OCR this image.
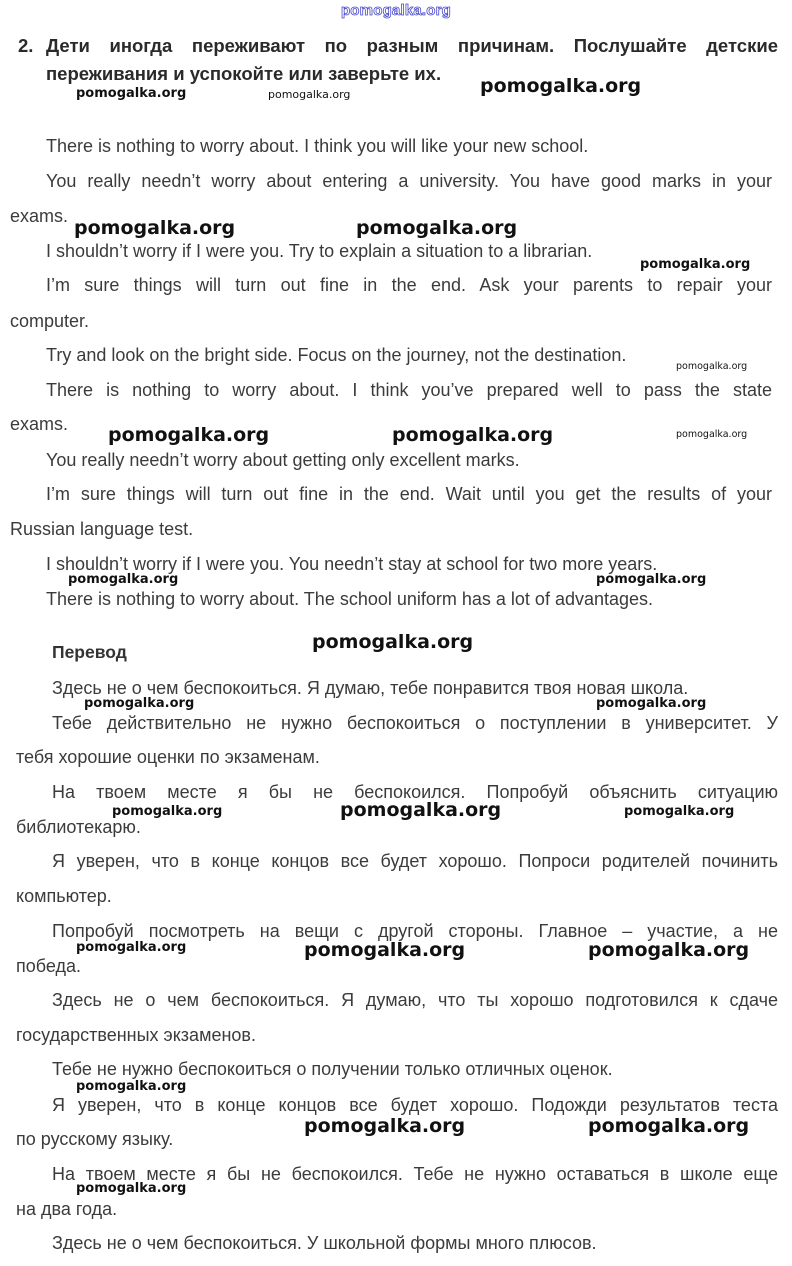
pomogalka.org
2. Дети иногда переживают по разным причинам. Послушайте детские переживания и успокойте или заверьте их.
There is nothing to worry about. I think you will like your new school.
You really needn’t worry about entering a university. You have good marks in your
exams.
I shouldn’t worry if I were you. Try to explain a situation to a librarian.
I’m sure things will turn out fine in the end. Ask your parents to repair your
computer.
Try and look on the bright side. Focus on the journey, not the destination.
There is nothing to worry about. I think you’ve prepared well to pass the state
exams.
You really needn’t worry about getting only excellent marks.
I’m sure things will turn out fine in the end. Wait until you get the results of your
Russian language test.
I shouldn’t worry if I were you. You needn’t stay at school for two more years.
There is nothing to worry about. The school uniform has a lot of advantages.
Перевод
Здесь не о чем беспокоиться. Я думаю, тебе понравится твоя новая школа.
Тебе действительно не нужно беспокоиться о поступлении в университет. У
тебя хорошие оценки по экзаменам.
На твоем месте я бы не беспокоился. Попробуй объяснить ситуацию
библиотекарю.
Я уверен, что в конце концов все будет хорошо. Попроси родителей починить
компьютер.
Попробуй посмотреть на вещи с другой стороны. Главное – участие, а не
победа.
Здесь не о чем беспокоиться. Я думаю, что ты хорошо подготовился к сдаче
государственных экзаменов.
Тебе не нужно беспокоиться о получении только отличных оценок.
Я уверен, что в конце концов все будет хорошо. Подожди результатов теста
по русскому языку.
На твоем месте я бы не беспокоился. Тебе не нужно оставаться в школе еще
на два года.
Здесь не о чем беспокоиться. У школьной формы много плюсов.
pomogalka.org	pomogalka.org	pomogalka.org
pomogalka.org	pomogalka.org
pomogalka.org
pomogalka.org
pomogalka.org	pomogalka.org	pomogalka.org
pomogalka.org	pomogalka.org
pomogalka.org
pomogalka.org	pomogalka.org
pomogalka.org	pomogalka.org	pomogalka.org
pomogalka.org	pomogalka.org	pomogalka.org
pomogalka.org
pomogalka.org	pomogalka.org
pomogalka.org
